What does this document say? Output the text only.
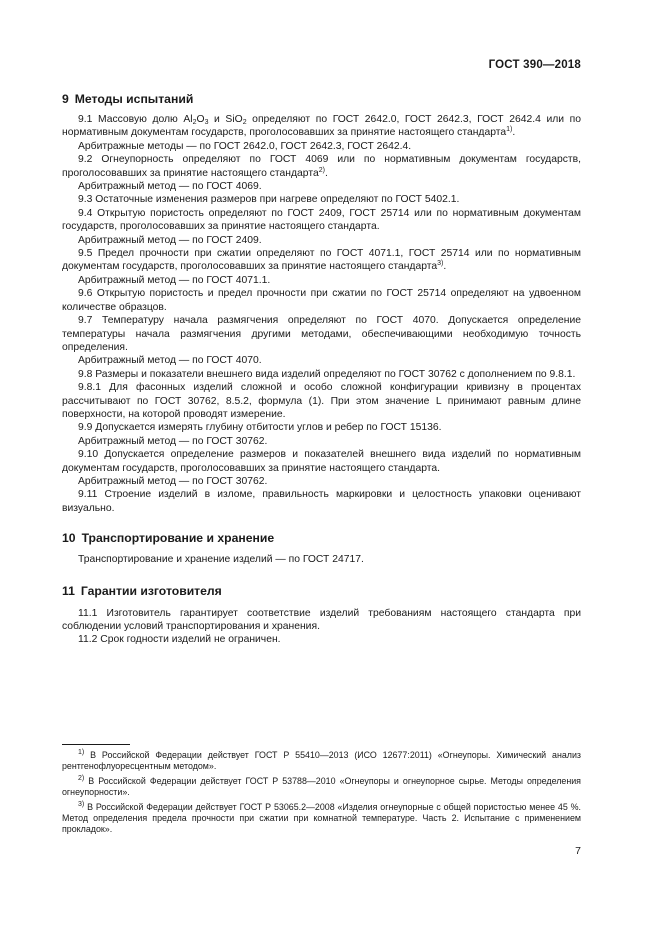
ГОСТ 390—2018
9 Методы испытаний

9.1 Массовую долю $Al_2O_3$ и SiO$_2$ определяют по ГОСТ 2642.0, ГОСТ 2642.3, ГОСТ 2642.4 или по нормативным документам государств, проголосовавших за принятие настоящего стандарта$^{1)}$.

Арбитражные методы — по ГОСТ 2642.0, ГОСТ 2642.3, ГОСТ 2642.4.

9.2 Огнеупорность определяют по ГОСТ 4069 или по нормативным документам государств, проголосовавших за принятие настоящего стандарта$^{2)}$.

Арбитражный метод — по ГОСТ 4069.

9.3 Остаточные изменения размеров при нагреве определяют по ГОСТ 5402.1.

9.4 Открытую пористость определяют по ГОСТ 2409, ГОСТ 25714 или по нормативным документам государств, проголосовавших за принятие настоящего стандарта.

Арбитражный метод — по ГОСТ 2409.

9.5 Предел прочности при сжатии определяют по ГОСТ 4071.1, ГОСТ 25714 или по нормативным документам государств, проголосовавших за принятие настоящего стандарта$^{3)}$.

Арбитражный метод — по ГОСТ 4071.1.

9.6 Открытую пористость и предел прочности при сжатии по ГОСТ 25714 определяют на удвоенном количестве образцов.

9.7 Температуру начала размягчения определяют по ГОСТ 4070. Допускается определение температуры начала размягчения другими методами, обеспечивающими необходимую точность определения.

Арбитражный метод — по ГОСТ 4070.

9.8 Размеры и показатели внешнего вида изделий определяют по ГОСТ 30762 с дополнением по 9.8.1.

9.8.1 Для фасонных изделий сложной и особо сложной конфигурации кривизну в процентах рассчитывают по ГОСТ 30762, 8.5.2, формула (1). При этом значение L принимают равным длине поверхности, на которой проводят измерение.

9.9 Допускается измерять глубину отбитости углов и ребер по ГОСТ 15136.

Арбитражный метод — по ГОСТ 30762.

9.10 Допускается определение размеров и показателей внешнего вида изделий по нормативным документам государств, проголосовавших за принятие настоящего стандарта.

Арбитражный метод — по ГОСТ 30762.

9.11 Строение изделий в изломе, правильность маркировки и целостность упаковки оценивают визуально.

10 Транспортирование и хранение

Транспортирование и хранение изделий — по ГОСТ 24717.

11 Гарантии изготовителя

11.1 Изготовитель гарантирует соответствие изделий требованиям настоящего стандарта при соблюдении условий транспортирования и хранения.

11.2 Срок годности изделий не ограничен.

$^{1)}$ В Российской Федерации действует ГОСТ Р 55410—2013 (ИСО 12677:2011) «Огнеупоры. Химический анализ рентгенофлуоресцентным методом».

$^{2)}$ В Российской Федерации действует ГОСТ Р 53788—2010 «Огнеупоры и огнеупорное сырье. Методы определения огнеупорности».

$^{3)}$ В Российской Федерации действует ГОСТ Р 53065.2—2008 «Изделия огнеупорные с общей пористостью менее 45 %. Метод определения предела прочности при сжатии при комнатной температуре. Часть 2. Испытание с применением прокладок».

7
